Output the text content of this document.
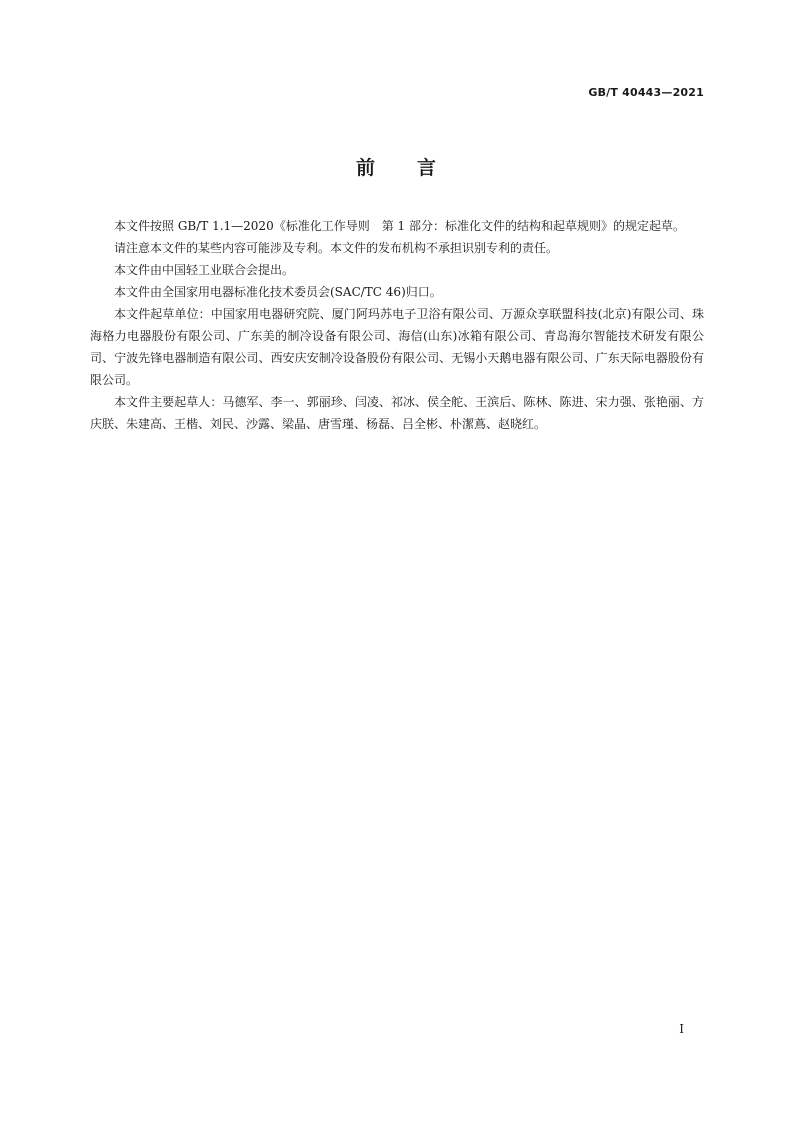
GB/T 40443—2021
前 言

本文件按照 GB/T 1.1—2020《标准化工作导则　第 1 部分：标准化文件的结构和起草规则》的规定起草。

请注意本文件的某些内容可能涉及专利。本文件的发布机构不承担识别专利的责任。

本文件由中国轻工业联合会提出。

本文件由全国家用电器标准化技术委员会(SAC/TC 46)归口。

本文件起草单位：中国家用电器研究院、厦门阿玛苏电子卫浴有限公司、万源众享联盟科技(北京)有限公司、珠海格力电器股份有限公司、广东美的制冷设备有限公司、海信(山东)冰箱有限公司、青岛海尔智能技术研发有限公司、宁波先锋电器制造有限公司、西安庆安制冷设备股份有限公司、无锡小天鹅电器有限公司、广东天际电器股份有限公司。

本文件主要起草人：马德军、李一、郭丽珍、闫凌、祁冰、侯全舵、王滨后、陈林、陈进、宋力强、张艳丽、方庆朕、朱建高、王楷、刘民、沙露、梁晶、唐雪瑾、杨磊、吕全彬、朴潔蔦、赵晓红。

I
